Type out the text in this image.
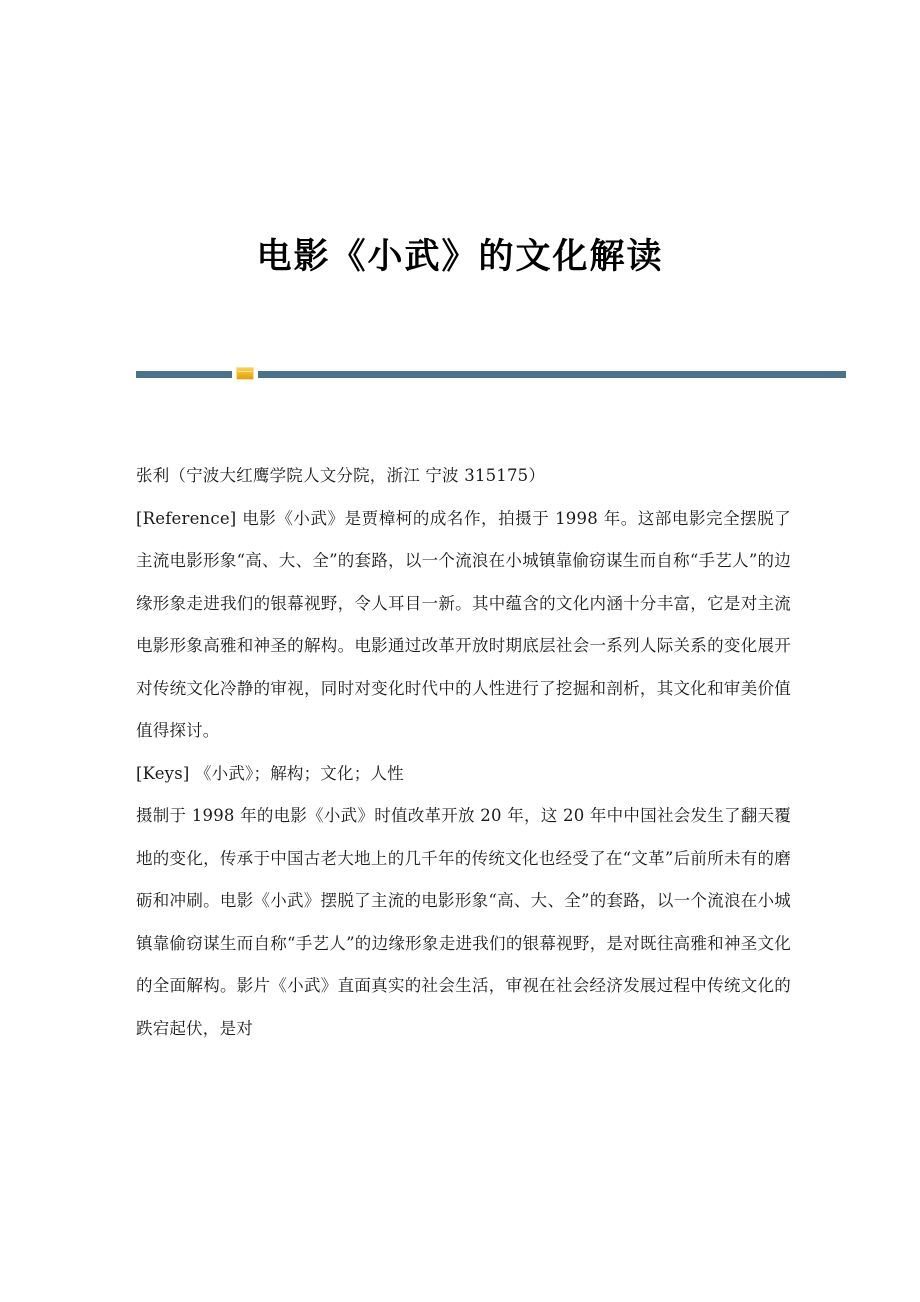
电影《小武》的文化解读

张利（宁波大红鹰学院人文分院，浙江 宁波 315175）

[Reference] 电影《小武》是贾樟柯的成名作，拍摄于 1998 年。这部电影完全摆脱了主流电影形象“高、大、全”的套路，以一个流浪在小城镇靠偷窃谋生而自称“手艺人”的边缘形象走进我们的银幕视野，令人耳目一新。其中蕴含的文化内涵十分丰富，它是对主流电影形象高雅和神圣的解构。电影通过改革开放时期底层社会一系列人际关系的变化展开对传统文化冷静的审视，同时对变化时代中的人性进行了挖掘和剖析，其文化和审美价值值得探讨。

[Keys] 《小武》；解构；文化；人性

摄制于 1998 年的电影《小武》时值改革开放 20 年，这 20 年中中国社会发生了翻天覆地的变化，传承于中国古老大地上的几千年的传统文化也经受了在“文革”后前所未有的磨砺和冲刷。电影《小武》摆脱了主流的电影形象“高、大、全”的套路，以一个流浪在小城镇靠偷窃谋生而自称“手艺人”的边缘形象走进我们的银幕视野，是对既往高雅和神圣文化的全面解构。影片《小武》直面真实的社会生活，审视在社会经济发展过程中传统文化的跌宕起伏，是对
